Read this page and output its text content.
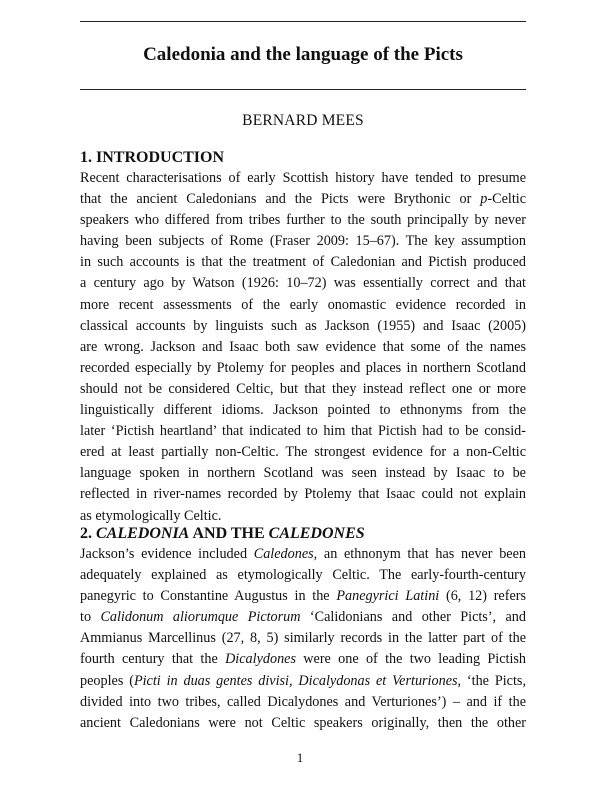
Caledonia and the language of the Picts
BERNARD MEES
1. INTRODUCTION
Recent characterisations of early Scottish history have tended to presume
that the ancient Caledonians and the Picts were Brythonic or p-Celtic
speakers who differed from tribes further to the south principally by never
having been subjects of Rome (Fraser 2009: 15–67). The key assumption
in such accounts is that the treatment of Caledonian and Pictish produced
a century ago by Watson (1926: 10–72) was essentially correct and that
more recent assessments of the early onomastic evidence recorded in
classical accounts by linguists such as Jackson (1955) and Isaac (2005)
are wrong. Jackson and Isaac both saw evidence that some of the names
recorded especially by Ptolemy for peoples and places in northern Scotland
should not be considered Celtic, but that they instead reflect one or more
linguistically different idioms. Jackson pointed to ethnonyms from the
later ‘Pictish heartland’ that indicated to him that Pictish had to be consid-
ered at least partially non-Celtic. The strongest evidence for a non-Celtic
language spoken in northern Scotland was seen instead by Isaac to be
reflected in river-names recorded by Ptolemy that Isaac could not explain
as etymologically Celtic.
2. CALEDONIA AND THE CALEDONES
Jackson’s evidence included Caledones, an ethnonym that has never been
adequately explained as etymologically Celtic. The early-fourth-century
panegyric to Constantine Augustus in the Panegyrici Latini (6, 12) refers
to Calidonum aliorumque Pictorum ‘Calidonians and other Picts’, and
Ammianus Marcellinus (27, 8, 5) similarly records in the latter part of the
fourth century that the Dicalydones were one of the two leading Pictish
peoples (Picti in duas gentes divisi, Dicalydonas et Verturiones, ‘the Picts,
divided into two tribes, called Dicalydones and Verturiones’) – and if the
ancient Caledonians were not Celtic speakers originally, then the other
1
